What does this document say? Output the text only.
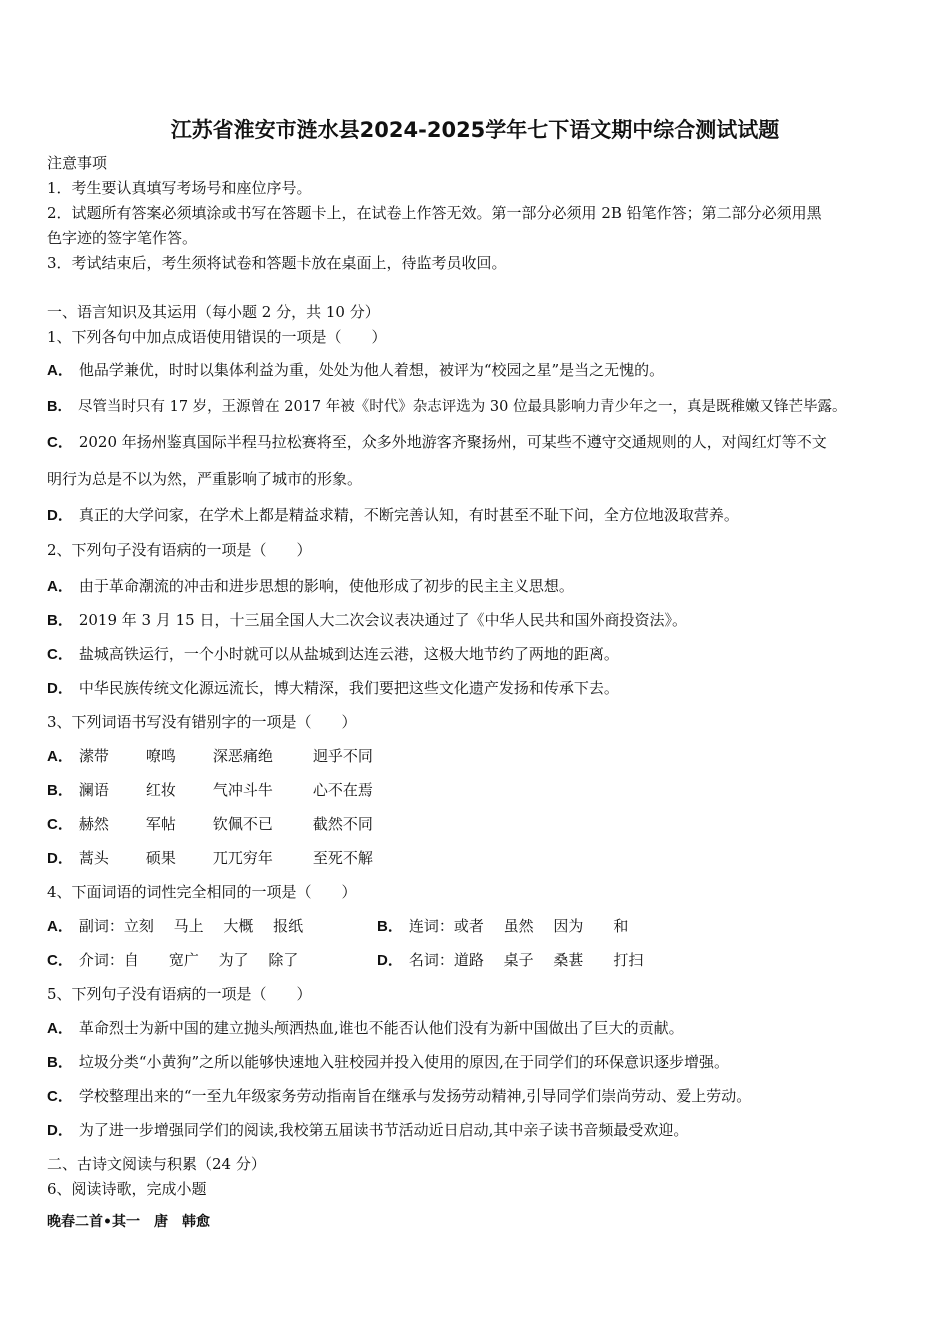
江苏省淮安市涟水县2024-2025学年七下语文期中综合测试试题
注意事项
1．考生要认真填写考场号和座位序号。
2．试题所有答案必须填涂或书写在答题卡上，在试卷上作答无效。第一部分必须用 2B 铅笔作答；第二部分必须用黑
色字迹的签字笔作答。
3．考试结束后，考生须将试卷和答题卡放在桌面上，待监考员收回。
一、语言知识及其运用（每小题 2 分，共 10 分）
1、下列各句中加点成语使用错误的一项是（　　）
A． 他品学兼优，时时以集体利益为重，处处为他人着想，被评为“校园之星”是当之无愧的。
B． 尽管当时只有 17 岁，王源曾在 2017 年被《时代》杂志评选为 30 位最具影响力青少年之一，真是既稚嫩又锋芒毕露。
C． 2020 年扬州鉴真国际半程马拉松赛将至，众多外地游客齐聚扬州，可某些不遵守交通规则的人，对闯红灯等不文
明行为总是不以为然，严重影响了城市的形象。
D． 真正的大学问家，在学术上都是精益求精，不断完善认知，有时甚至不耻下问，全方位地汲取营养。
2、下列句子没有语病的一项是（　　）
A． 由于革命潮流的冲击和进步思想的影响，使他形成了初步的民主主义思想。
B． 2019 年 3 月 15 日，十三届全国人大二次会议表决通过了《中华人民共和国外商投资法》。
C． 盐城高铁运行，一个小时就可以从盐城到达连云港，这极大地节约了两地的距离。
D． 中华民族传统文化源远流长，博大精深，我们要把这些文化遗产发扬和传承下去。
3、下列词语书写没有错别字的一项是（　　）
A． 潆带 嘹鸣 深恶痛绝	迥乎不同
B． 澜语 红妆 气冲斗牛	心不在焉
C． 赫然 军帖 钦佩不已	截然不同
D． 蒿头 硕果 兀兀穷年	至死不解
4、下面词语的词性完全相同的一项是（　　）
A． 副词：立刻　 马上　 大概　 报纸	B． 连词：或者　 虽然　 因为　　和
C． 介词：自　　宽广　 为了　 除了	D． 名词：道路　 桌子　 桑葚　　打扫
5、下列句子没有语病的一项是（　　）
A． 革命烈士为新中国的建立抛头颅洒热血,谁也不能否认他们没有为新中国做出了巨大的贡献。
B． 垃圾分类“小黄狗”之所以能够快速地入驻校园并投入使用的原因,在于同学们的环保意识逐步增强。
C． 学校整理出来的“一至九年级家务劳动指南旨在继承与发扬劳动精神,引导同学们崇尚劳动、爱上劳动。
D． 为了进一步增强同学们的阅读,我校第五届读书节活动近日启动,其中亲子读书音频最受欢迎。
二、古诗文阅读与积累（24 分）
6、阅读诗歌，完成小题
晚春二首•其一　唐　韩愈
